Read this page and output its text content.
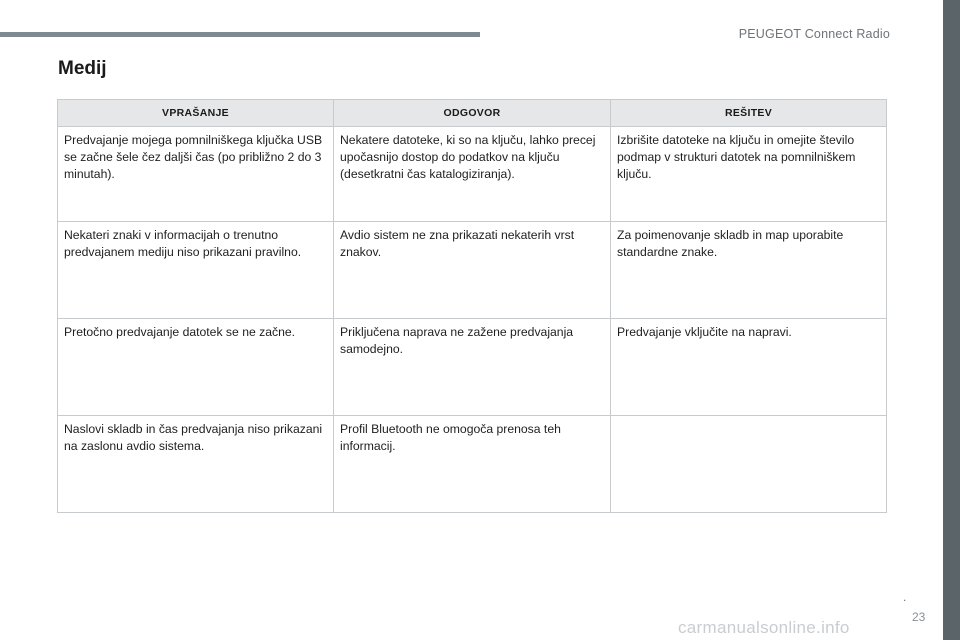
PEUGEOT Connect Radio
Medij
VPRAŠANJE	ODGOVOR	REŠITEV
Predvajanje mojega pomnilniškega ključka USB se začne šele čez daljši čas (po približno 2 do 3 minutah).	Nekatere datoteke, ki so na ključu, lahko precej upočasnijo dostop do podatkov na ključu (desetkratni čas katalogiziranja).	Izbrišite datoteke na ključu in omejite število podmap v strukturi datotek na pomnilniškem ključu.
Nekateri znaki v informacijah o trenutno predvajanem mediju niso prikazani pravilno.	Avdio sistem ne zna prikazati nekaterih vrst znakov.	Za poimenovanje skladb in map uporabite standardne znake.
Pretočno predvajanje datotek se ne začne.	Priključena naprava ne zažene predvajanja samodejno.	Predvajanje vključite na napravi.
Naslovi skladb in čas predvajanja niso prikazani na zaslonu avdio sistema.	Profil Bluetooth ne omogoča prenosa teh informacij.	
.
23
carmanualsonline.info
